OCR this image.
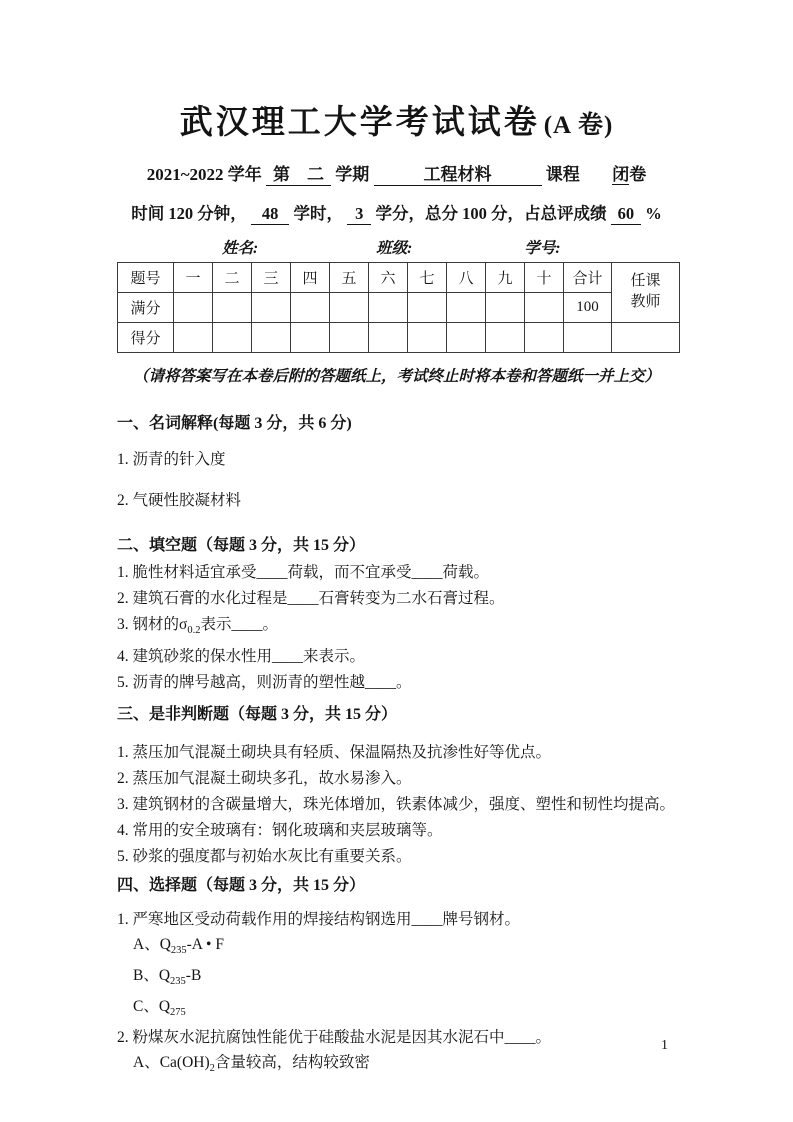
武汉理工大学考试试卷 (A 卷)
2021~2022 学年 第　二 学期	工程材料	课程 闭卷
时间 120 分钟， 48 学时， 3 学分，总分 100 分，占总评成绩 60 %
姓名:	班级:	学号:
题号	一	二	三	四	五	六	七	八	九	十	合计	任课
教师

满分											100	
得分												
（请将答案写在本卷后附的答题纸上，考试终止时将本卷和答题纸一并上交）
一、名词解释(每题 3 分，共 6 分)
1. 沥青的针入度
2. 气硬性胶凝材料
二、填空题（每题 3 分，共 15 分）
1. 脆性材料适宜承受____荷载，而不宜承受____荷载。
2. 建筑石膏的水化过程是____石膏转变为二水石膏过程。
3. 钢材的$\sigma_{0.2}$表示____。
4. 建筑砂浆的保水性用____来表示。
5. 沥青的牌号越高，则沥青的塑性越____。
三、是非判断题（每题 3 分，共 15 分）
1. 蒸压加气混凝土砌块具有轻质、保温隔热及抗渗性好等优点。
2. 蒸压加气混凝土砌块多孔，故水易渗入。
3. 建筑钢材的含碳量增大，珠光体增加，铁素体减少，强度、塑性和韧性均提高。
4. 常用的安全玻璃有：钢化玻璃和夹层玻璃等。
5. 砂浆的强度都与初始水灰比有重要关系。
四、选择题（每题 3 分，共 15 分）
1. 严寒地区受动荷载作用的焊接结构钢选用____牌号钢材。
A、$Q_{235}-A$ • F
B、$Q_{235}-B$
C、$Q_{275}$
2. 粉煤灰水泥抗腐蚀性能优于硅酸盐水泥是因其水泥石中____。
A、$Ca(OH)_2$含量较高，结构较致密
1
